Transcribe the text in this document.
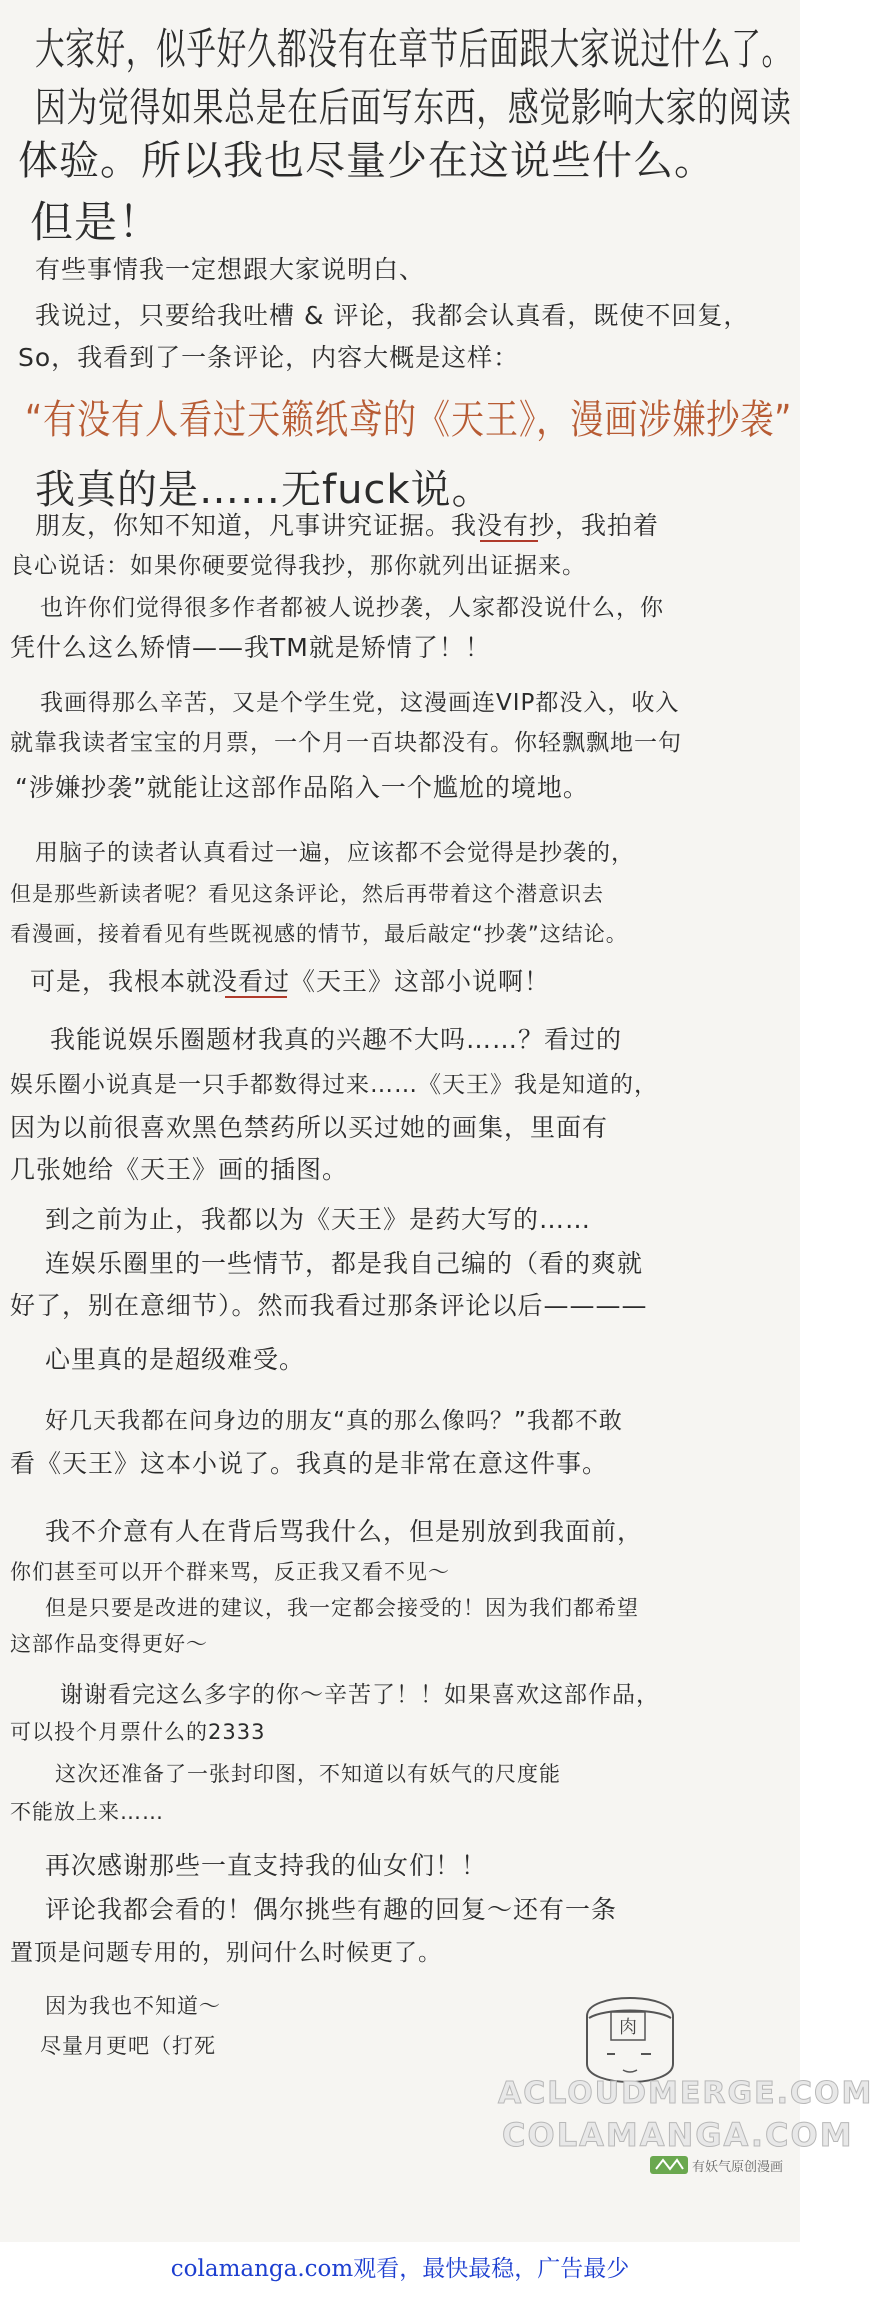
大家好，似乎好久都没有在章节后面跟大家说过什么了。
因为觉得如果总是在后面写东西，感觉影响大家的阅读
体验。所以我也尽量少在这说些什么。
但是！
有些事情我一定想跟大家说明白、
我说过，只要给我吐槽 & 评论，我都会认真看，既使不回复，
So，我看到了一条评论，内容大概是这样：
“有没有人看过天籁纸鸢的《天王》，漫画涉嫌抄袭”
我真的是……无fuck说。
朋友，你知不知道，凡事讲究证据。我没有抄，我拍着
良心说话：如果你硬要觉得我抄，那你就列出证据来。
也许你们觉得很多作者都被人说抄袭，人家都没说什么，你
凭什么这么矫情——我TM就是矫情了！！
我画得那么辛苦，又是个学生党，这漫画连VIP都没入，收入
就靠我读者宝宝的月票，一个月一百块都没有。你轻飘飘地一句
“涉嫌抄袭”就能让这部作品陷入一个尴尬的境地。
用脑子的读者认真看过一遍，应该都不会觉得是抄袭的，
但是那些新读者呢？看见这条评论，然后再带着这个潜意识去
看漫画，接着看见有些既视感的情节，最后敲定“抄袭”这结论。
可是，我根本就没看过《天王》这部小说啊！
我能说娱乐圈题材我真的兴趣不大吗……？看过的
娱乐圈小说真是一只手都数得过来……《天王》我是知道的，
因为以前很喜欢黑色禁药所以买过她的画集，里面有
几张她给《天王》画的插图。
到之前为止，我都以为《天王》是药大写的……
连娱乐圈里的一些情节，都是我自己编的（看的爽就
好了，别在意细节）。然而我看过那条评论以后————
心里真的是超级难受。
好几天我都在问身边的朋友“真的那么像吗？”我都不敢
看《天王》这本小说了。我真的是非常在意这件事。
我不介意有人在背后骂我什么，但是别放到我面前，
你们甚至可以开个群来骂，反正我又看不见～
但是只要是改进的建议，我一定都会接受的！因为我们都希望
这部作品变得更好～
谢谢看完这么多字的你～辛苦了！！如果喜欢这部作品，
可以投个月票什么的2333
这次还准备了一张封印图，不知道以有妖气的尺度能
不能放上来……
再次感谢那些一直支持我的仙女们！！
评论我都会看的！偶尔挑些有趣的回复～还有一条
置顶是问题专用的，别问什么时候更了。
因为我也不知道～
尽量月更吧（打死
肉
ACLOUDMERGE.COM
COLAMANGA.COM
有妖气原创漫画
colamanga.com观看，最快最稳，广告最少
